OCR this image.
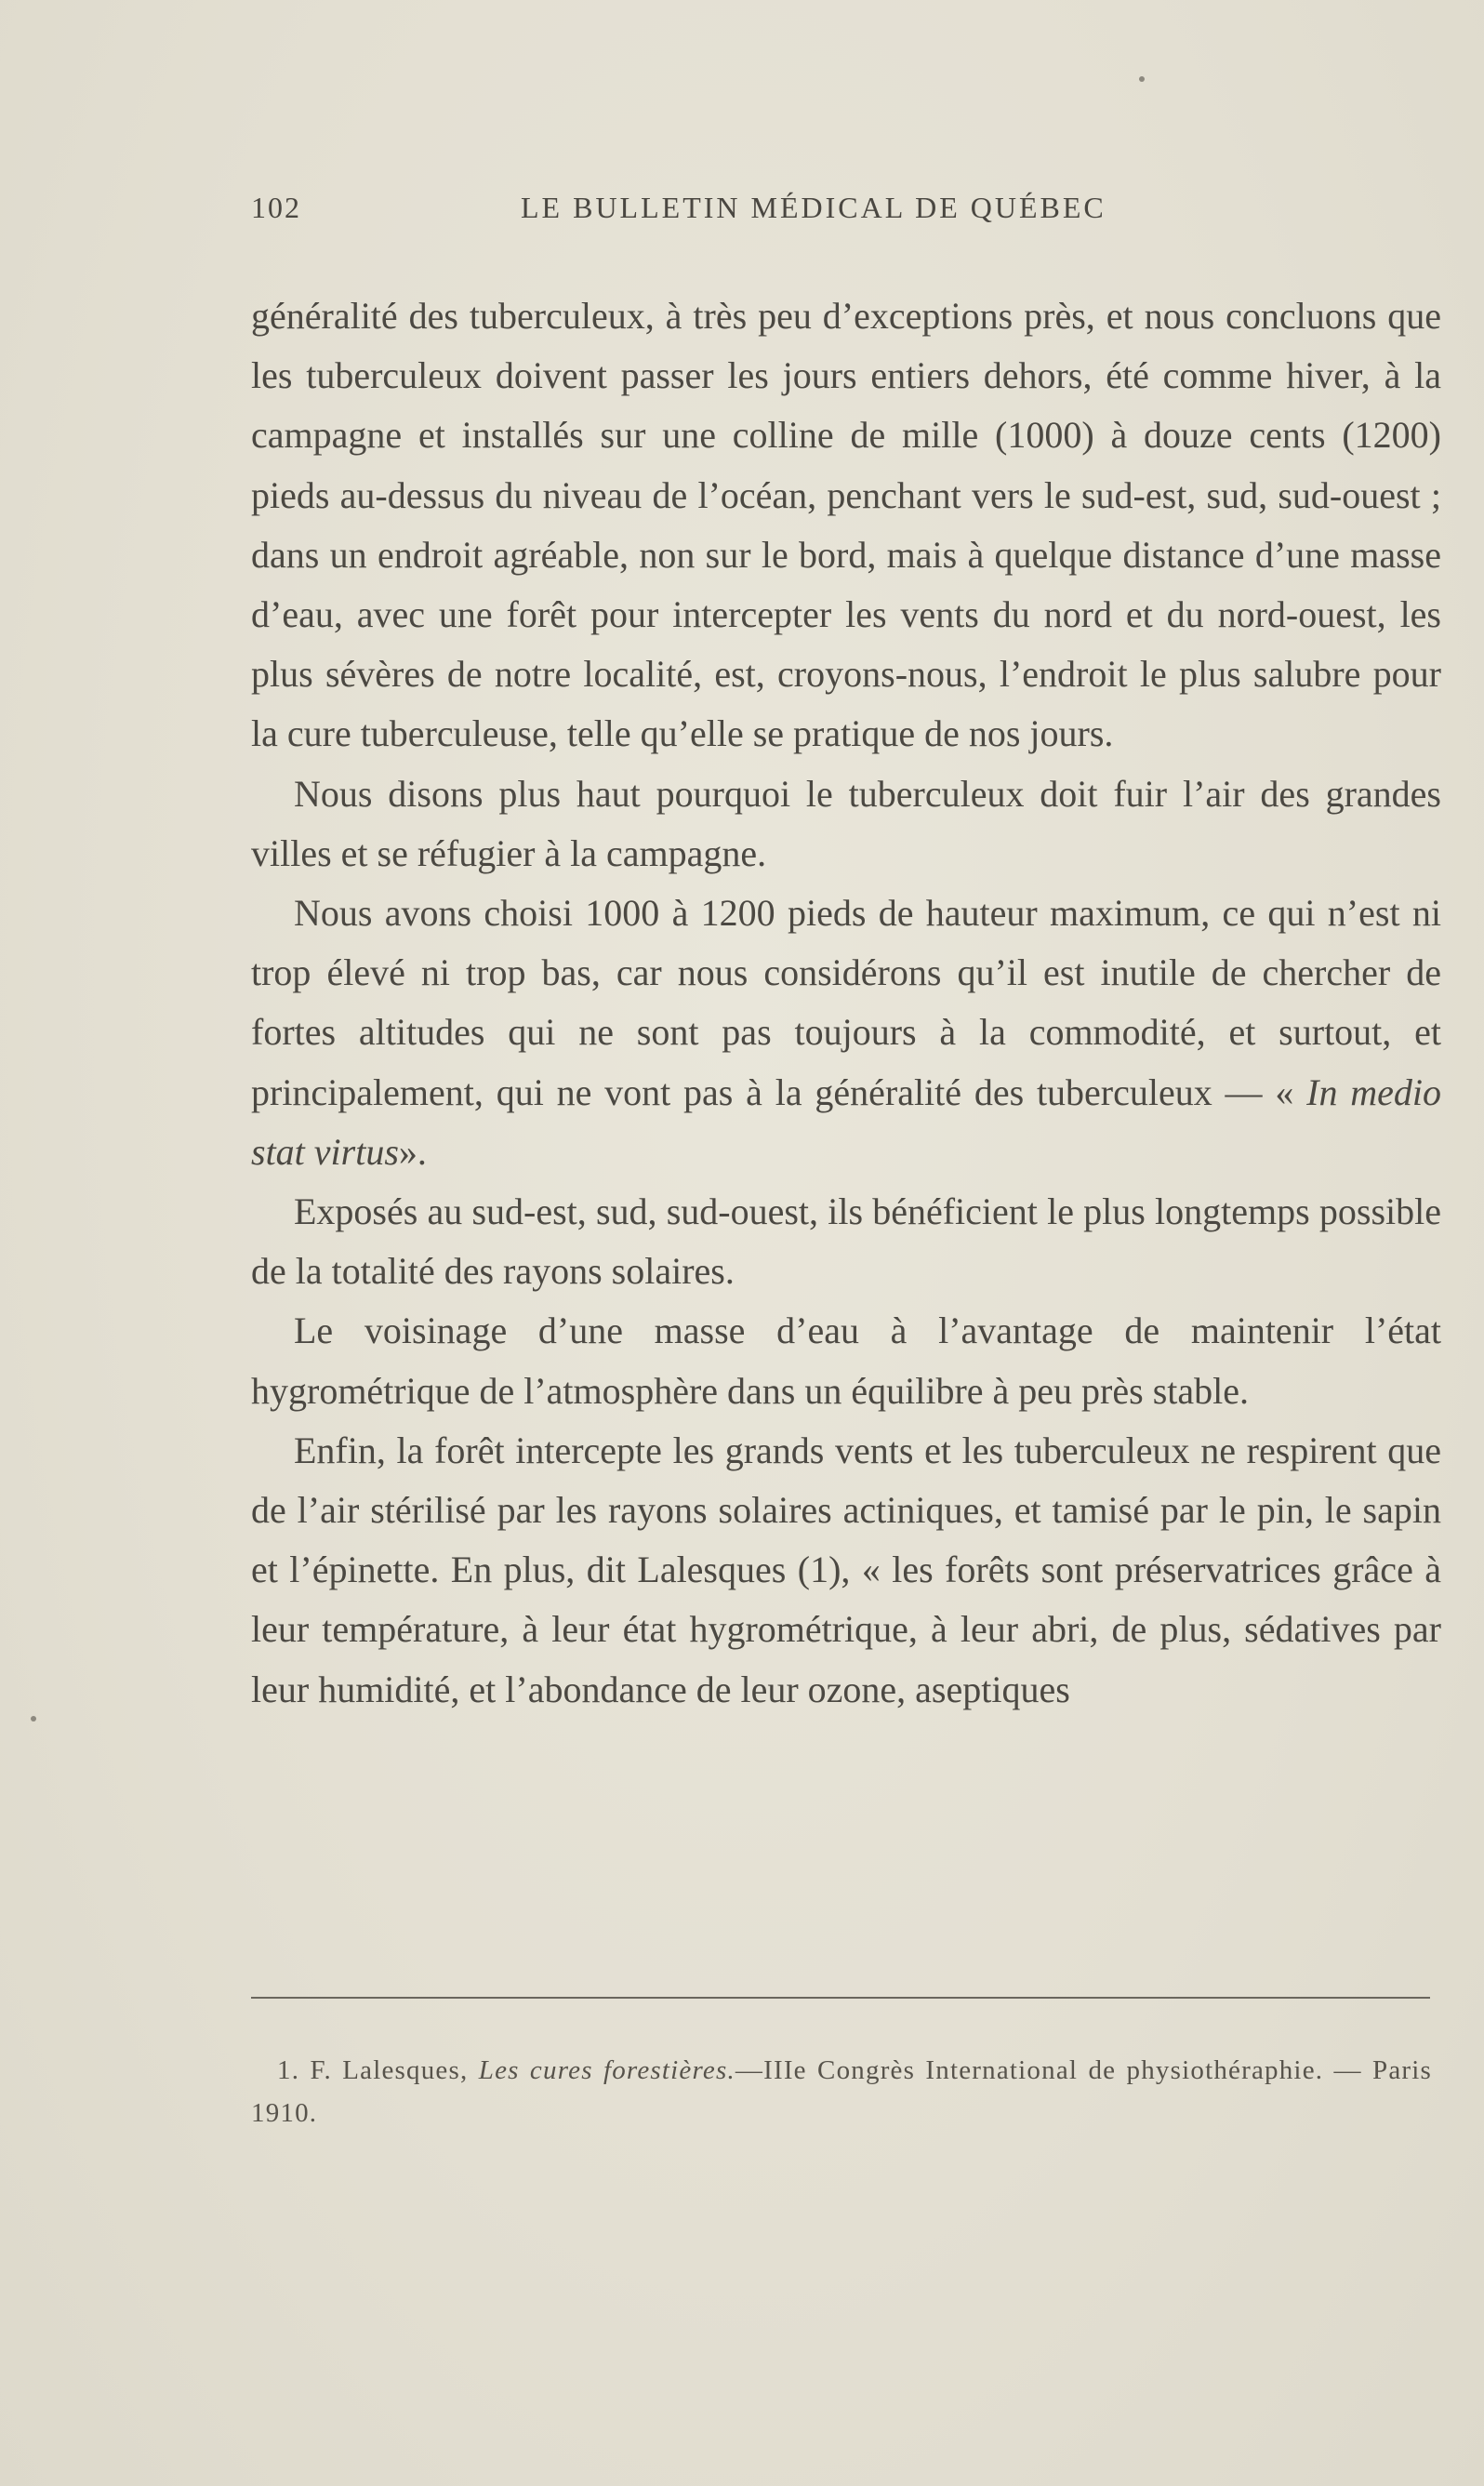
102	LE BULLETIN MÉDICAL DE QUÉBEC

généralité des tuberculeux, à très peu d’exceptions près, et nous concluons que les tuberculeux doivent passer les jours entiers dehors, été comme hiver, à la campagne et installés sur une colline de mille (1000) à douze cents (1200) pieds au-dessus du niveau de l’océan, penchant vers le sud-est, sud, sud-ouest ; dans un endroit agréable, non sur le bord, mais à quelque distance d’une masse d’eau, avec une forêt pour intercepter les vents du nord et du nord-ouest, les plus sévères de notre localité, est, croyons-nous, l’endroit le plus salubre pour la cure tuberculeuse, telle qu’elle se pratique de nos jours.

Nous disons plus haut pourquoi le tuberculeux doit fuir l’air des grandes villes et se réfugier à la campagne.

Nous avons choisi 1000 à 1200 pieds de hauteur maximum, ce qui n’est ni trop élevé ni trop bas, car nous considérons qu’il est inutile de chercher de fortes altitudes qui ne sont pas toujours à la commodité, et surtout, et principalement, qui ne vont pas à la généralité des tuberculeux — « In medio stat virtus».

Exposés au sud-est, sud, sud-ouest, ils bénéficient le plus longtemps possible de la totalité des rayons solaires.

Le voisinage d’une masse d’eau à l’avantage de maintenir l’état hygrométrique de l’atmosphère dans un équilibre à peu près stable.

Enfin, la forêt intercepte les grands vents et les tuberculeux ne respirent que de l’air stérilisé par les rayons solaires actiniques, et tamisé par le pin, le sapin et l’épinette. En plus, dit Lalesques (1), « les forêts sont préservatrices grâce à leur température, à leur état hygrométrique, à leur abri, de plus, sédatives par leur humidité, et l’abondance de leur ozone, aseptiques

1. F. Lalesques, Les cures forestières.—IIIe Congrès International de physiothéraphie. — Paris 1910.
